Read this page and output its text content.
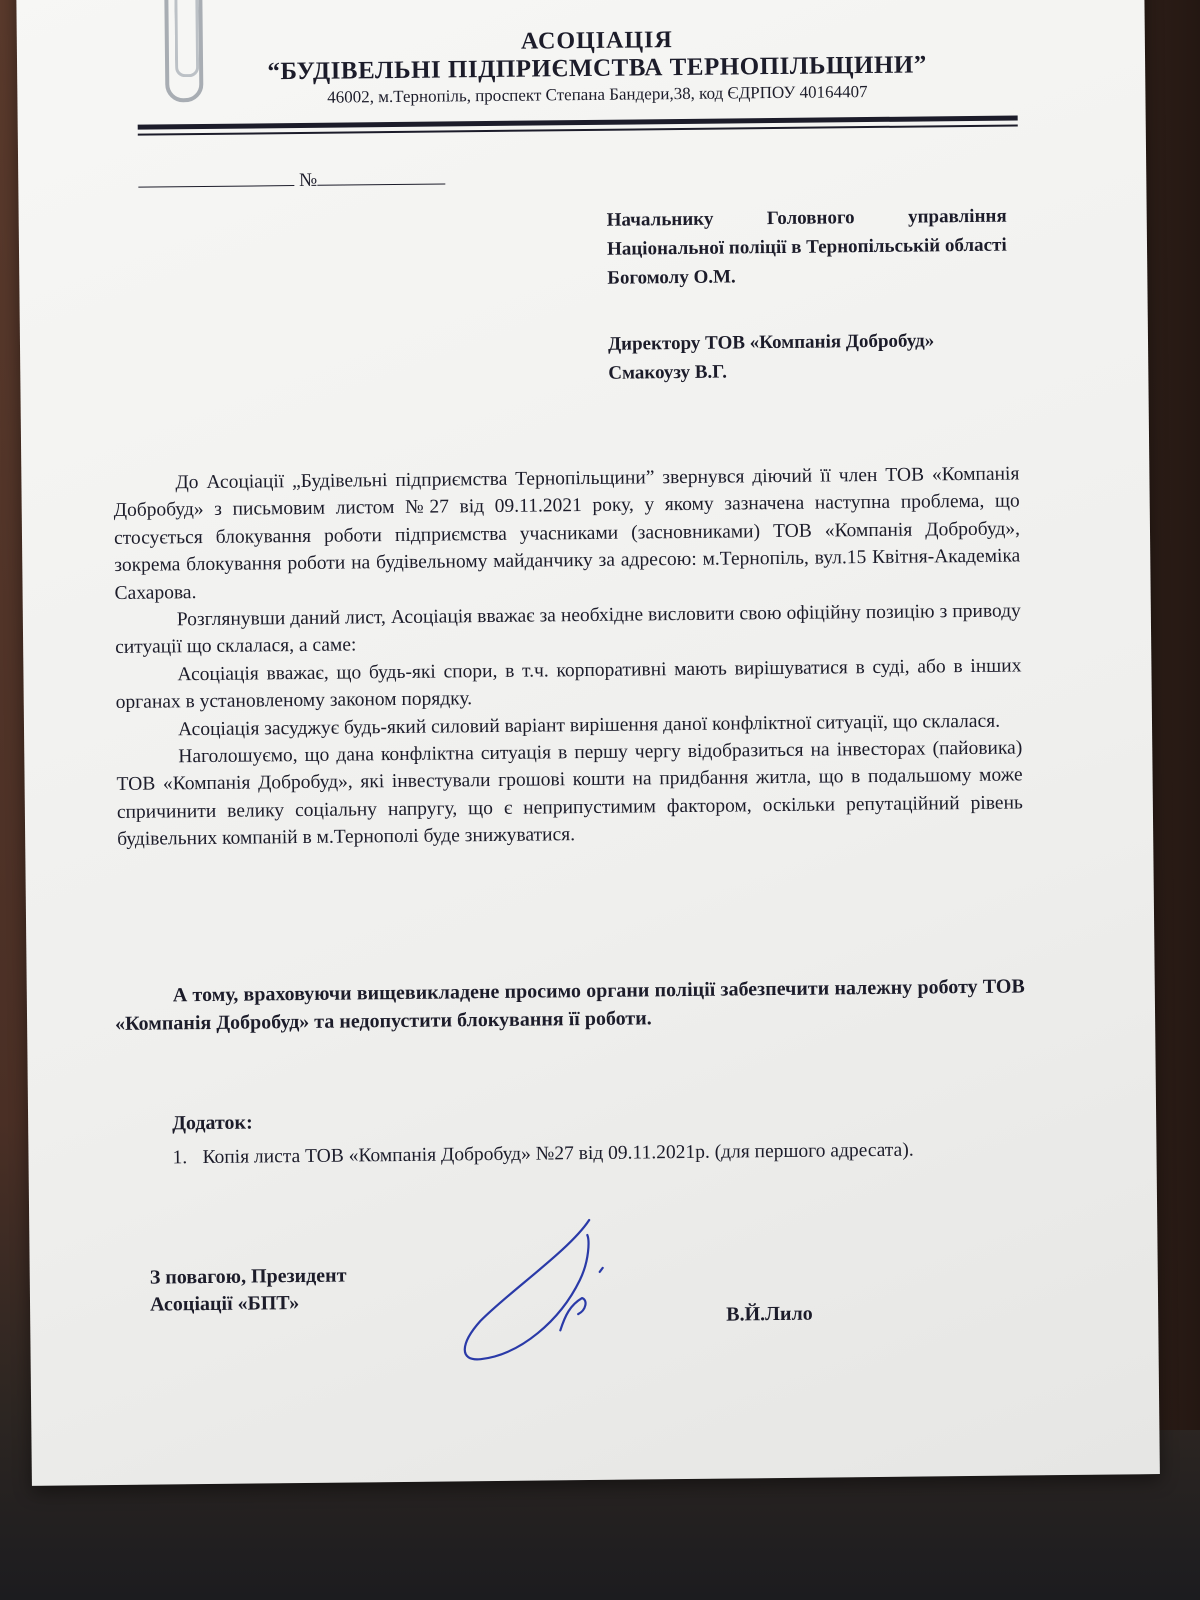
АСОЦІАЦІЯ
“БУДІВЕЛЬНІ ПІДПРИЄМСТВА ТЕРНОПІЛЬЩИНИ”
46002, м.Тернопіль, проспект Степана Бандери,38, код ЄДРПОУ 40164407
№

Начальнику Головного управління Національної поліції в Тернопільській області

Богомолу О.М.

Директору ТОВ «Компанія Добробуд»

Смакоузу В.Г.

До Асоціації „Будівельні підприємства Тернопільщини” звернувся діючий її член ТОВ «Компанія Добробуд» з письмовим листом №27 від 09.11.2021 року, у якому зазначена наступна проблема, що стосується блокування роботи підприємства учасниками (засновниками) ТОВ «Компанія Добробуд», зокрема блокування роботи на будівельному майданчику за адресою: м.Тернопіль, вул.15 Квітня-Академіка Сахарова.

Розглянувши даний лист, Асоціація вважає за необхідне висловити свою офіційну позицію з приводу ситуації що склалася, а саме:

Асоціація вважає, що будь-які спори, в т.ч. корпоративні мають вирішуватися в суді, або в інших органах в установленому законом порядку.

Асоціація засуджує будь-який силовий варіант вирішення даної конфліктної ситуації, що склалася.

Наголошуємо, що дана конфліктна ситуація в першу чергу відобразиться на інвесторах (пайовика) ТОВ «Компанія Добробуд», які інвестували грошові кошти на придбання житла, що в подальшому може спричинити велику соціальну напругу, що є неприпустимим фактором, оскільки репутаційний рівень будівельних компаній в м.Тернополі буде знижуватися.

А тому, враховуючи вищевикладене просимо органи поліції забезпечити належну роботу ТОВ «Компанія Добробуд» та недопустити блокування її роботи.
Додаток:
1. Копія листа ТОВ «Компанія Добробуд» №27 від 09.11.2021р. (для першого адресата).

З повагою, Президент

Асоціації «БПТ»	В.Й.Лило
